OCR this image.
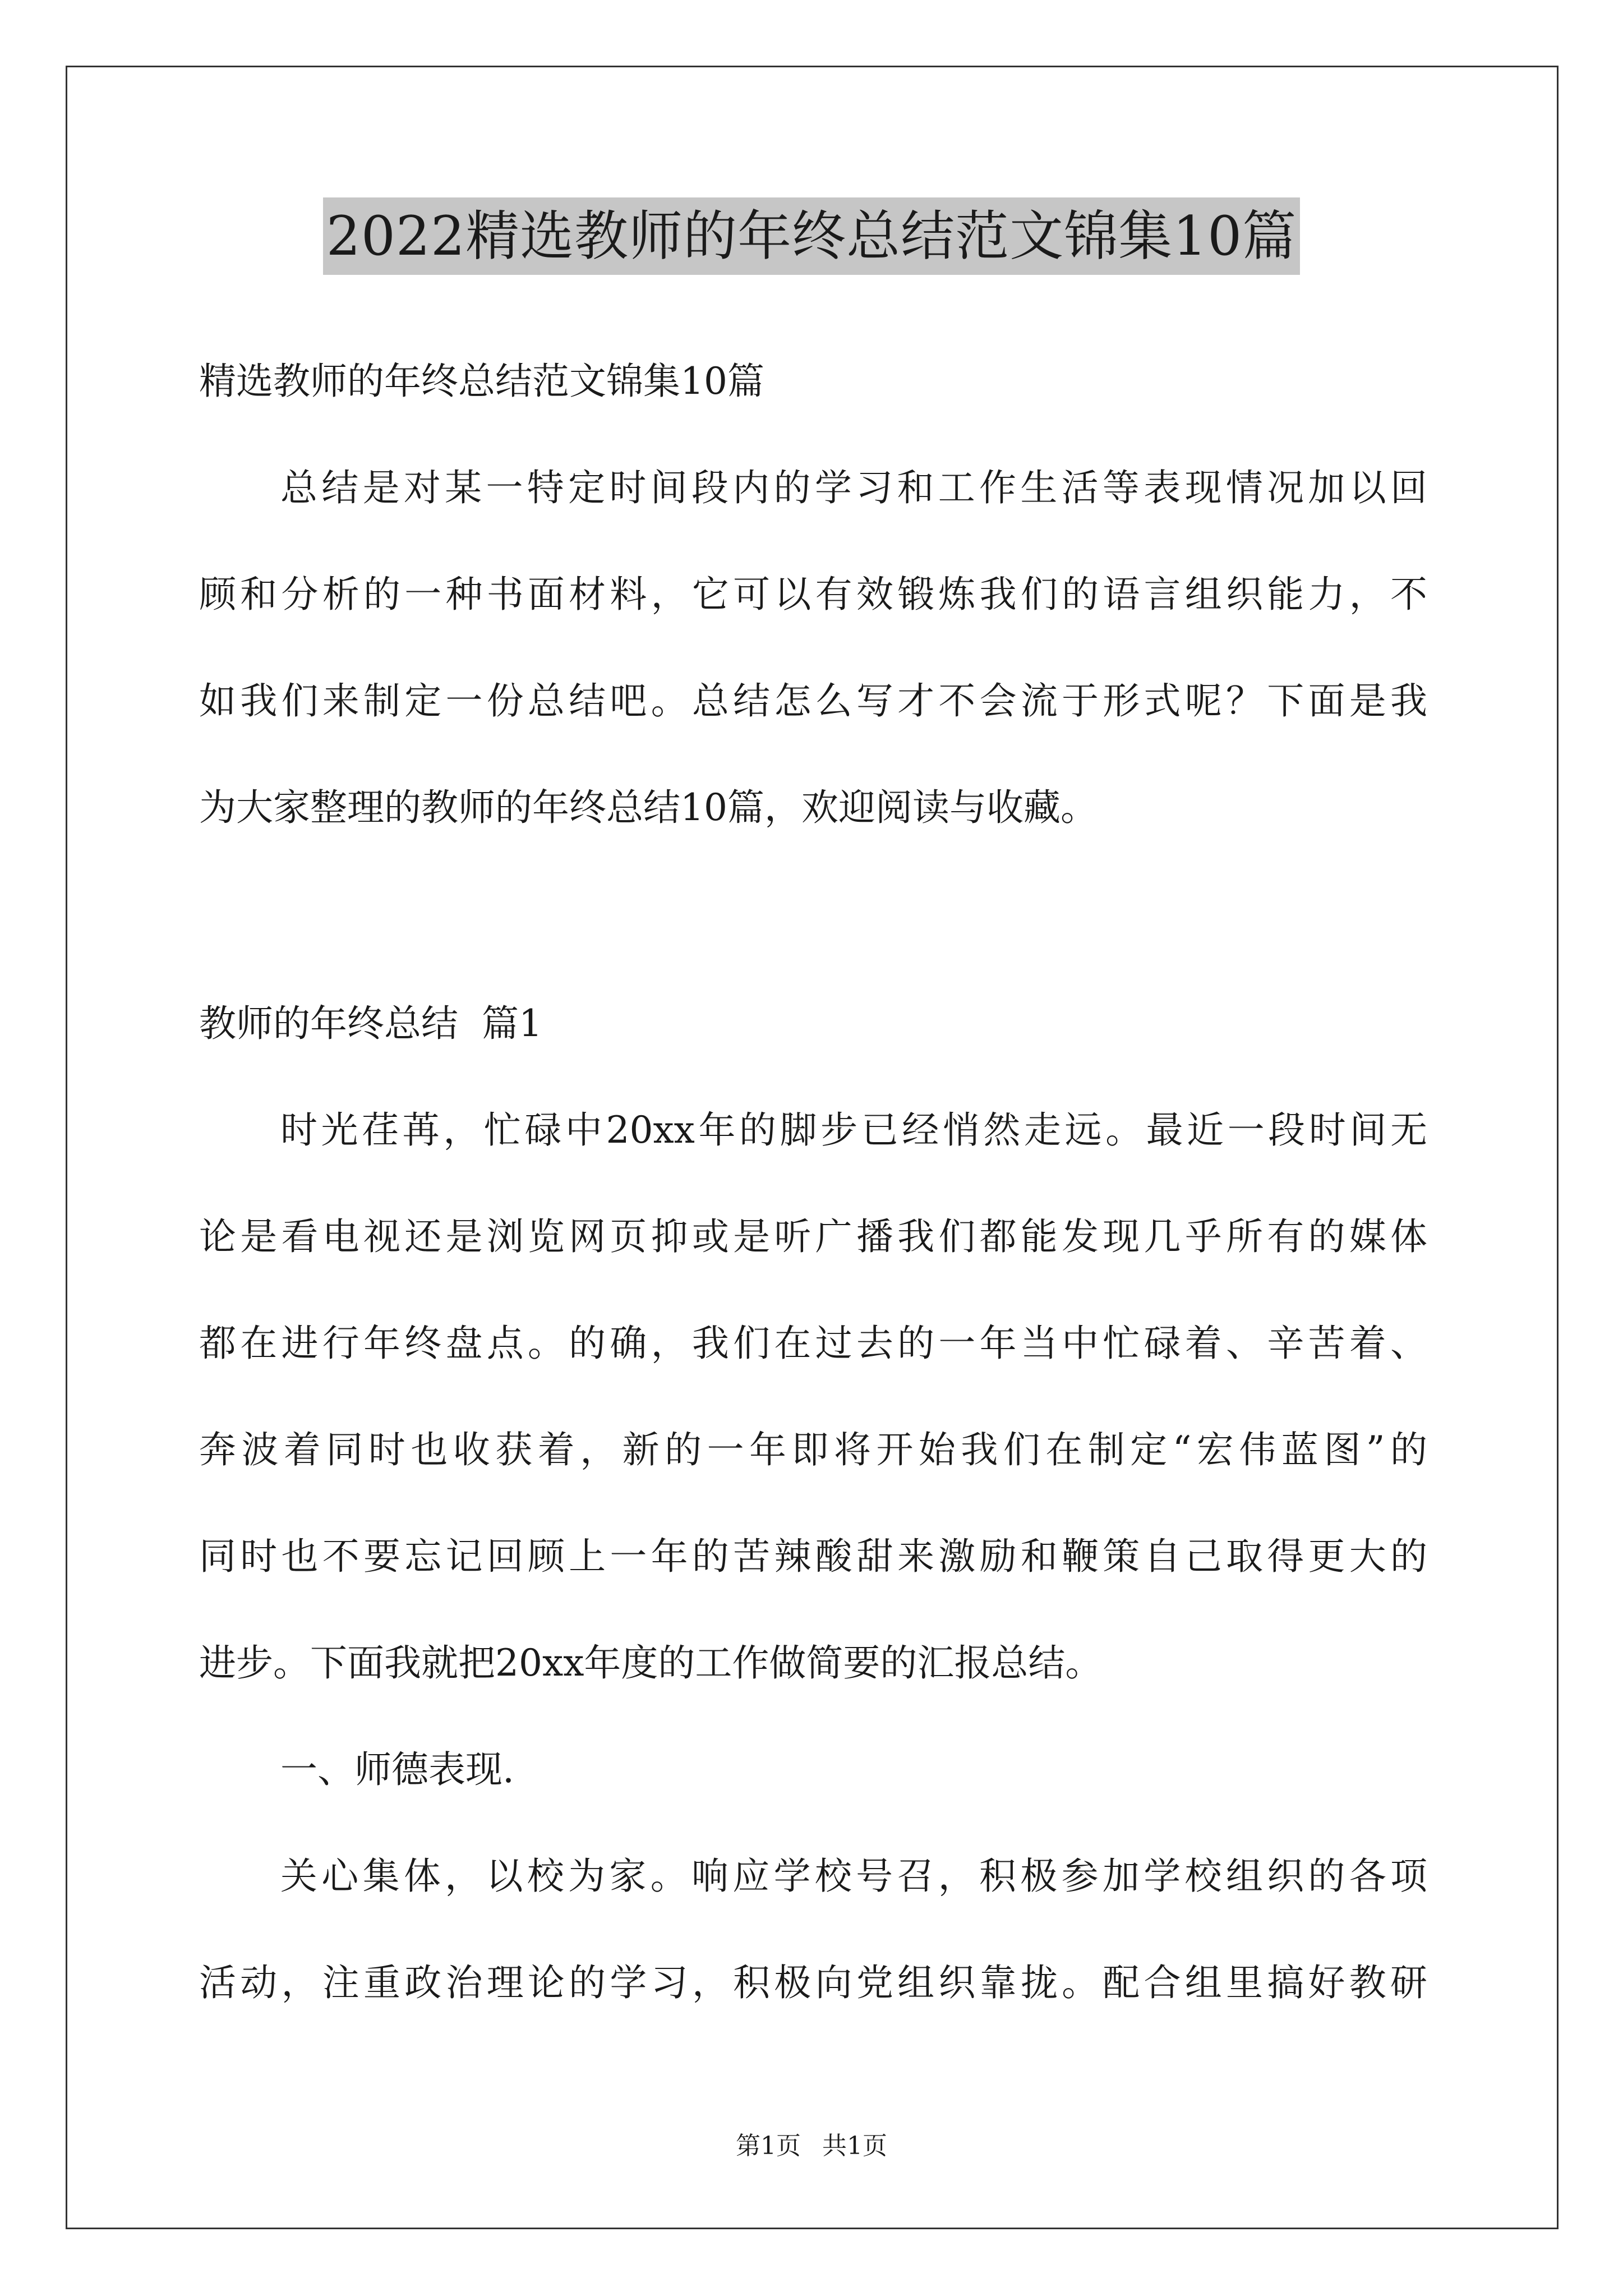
2022精选教师的年终总结范文锦集10篇
精选教师的年终总结范文锦集10篇
总结是对某一特定时间段内的学习和工作生活等表现情况加以回
顾和分析的一种书面材料，它可以有效锻炼我们的语言组织能力，不
如我们来制定一份总结吧。总结怎么写才不会流于形式呢？下面是我
为大家整理的教师的年终总结10篇，欢迎阅读与收藏。
教师的年终总结  篇1
时光荏苒，忙碌中20xx年的脚步已经悄然走远。最近一段时间无
论是看电视还是浏览网页抑或是听广播我们都能发现几乎所有的媒体
都在进行年终盘点。的确，我们在过去的一年当中忙碌着、辛苦着、
奔波着同时也收获着，新的一年即将开始我们在制定“宏伟蓝图”的
同时也不要忘记回顾上一年的苦辣酸甜来激励和鞭策自己取得更大的
进步。下面我就把20xx年度的工作做简要的汇报总结。
一、师德表现.
关心集体，以校为家。响应学校号召，积极参加学校组织的各项
活动，注重政治理论的学习，积极向党组织靠拢。配合组里搞好教研
第1页 共1页
